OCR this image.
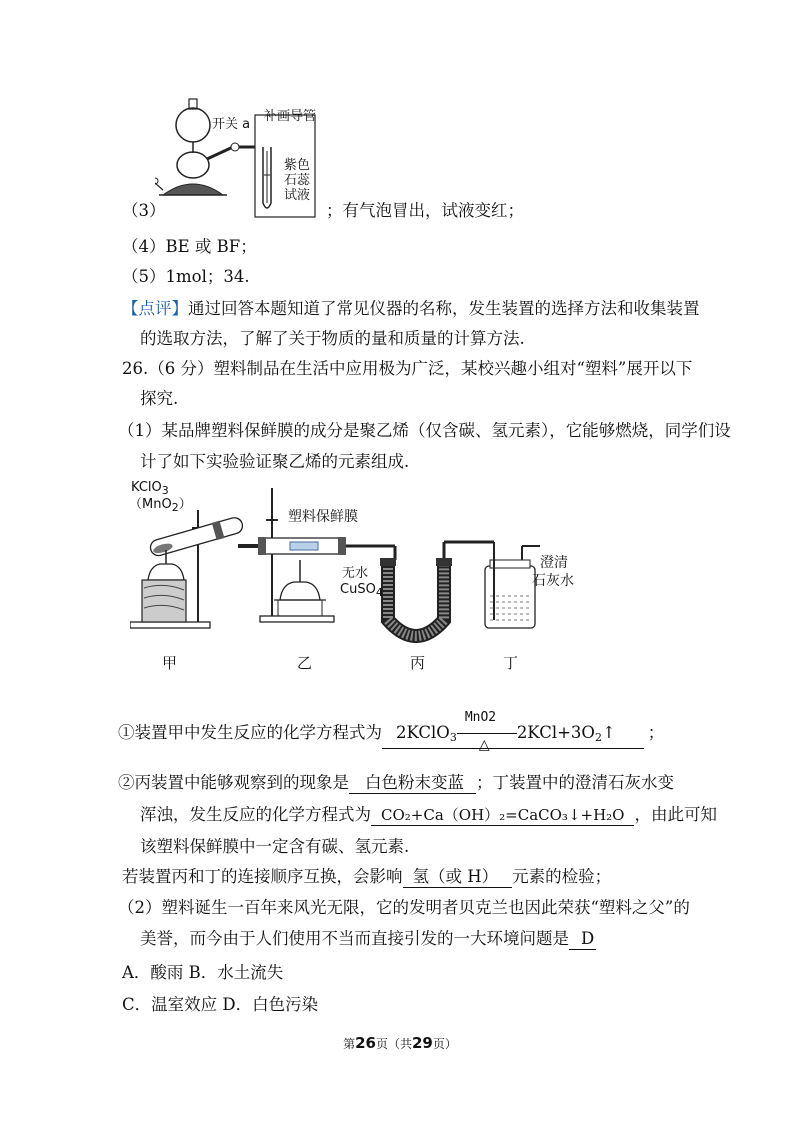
开关 a
补画导管
紫色
石蕊
试液
（3）	；有气泡冒出，试液变红；
（4）BE 或 BF；
（5）1mol；34.
【点评】通过回答本题知道了常见仪器的名称，发生装置的选择方法和收集装置
的选取方法，了解了关于物质的量和质量的计算方法.
26.（6 分）塑料制品在生活中应用极为广泛，某校兴趣小组对“塑料”展开以下
探究.
（1）某品牌塑料保鲜膜的成分是聚乙烯（仅含碳、氢元素），它能够燃烧，同学们设
计了如下实验验证聚乙烯的元素组成.
KClO$_3$
（MnO$_2$）
塑料保鲜膜
无水
CuSO$_4$
澄清
石灰水
甲	乙	丙	丁
①装置甲中发生反应的化学方程式为 2KClO$_3$ $\frac{\text{MnO2}}{\triangle}$ $2KCl+3O_2↑$ ；
②丙装置中能够观察到的现象是 白色粉末变蓝 ；丁装置中的澄清石灰水变
浑浊，发生反应的化学方程式为 CO₂+Ca（OH）₂=CaCO₃↓+H₂O ，由此可知
该塑料保鲜膜中一定含有碳、氢元素.
若装置丙和丁的连接顺序互换，会影响 氢（或 H） 元素的检验；
（2）塑料诞生一百年来风光无限，它的发明者贝克兰也因此荣获“塑料之父”的
美誉，而今由于人们使用不当而直接引发的一大环境问题是 D
A．酸雨 B．水土流失
C．温室效应 D．白色污染
第26页（共29页）
